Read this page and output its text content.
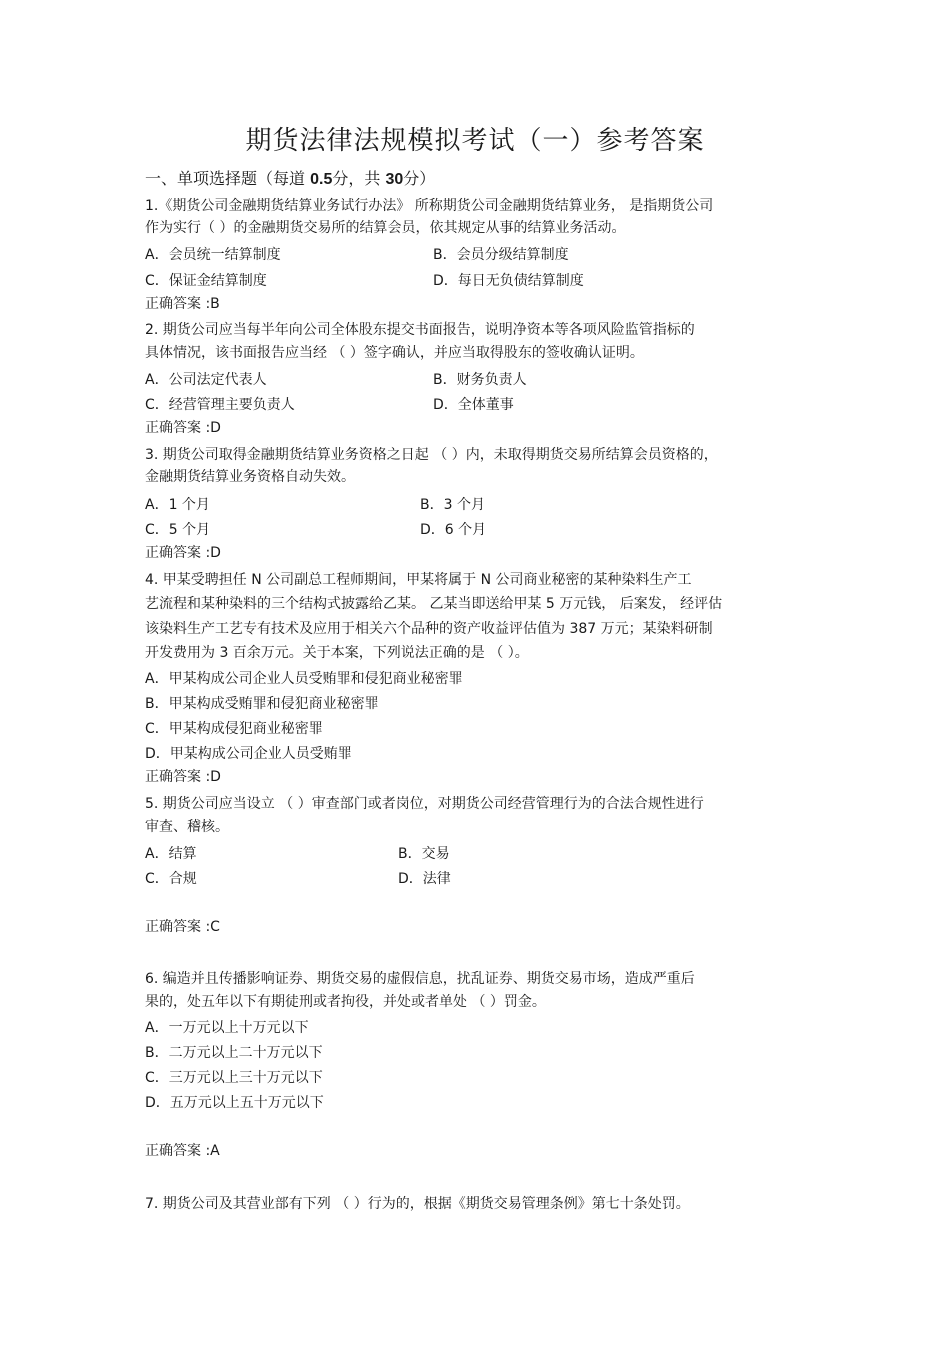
期货法律法规模拟考试（一）参考答案
一、单项选择题（每道 0.5分，共 30分）
1.《期货公司金融期货结算业务试行办法》 所称期货公司金融期货结算业务， 是指期货公司
作为实行（ ）的金融期货交易所的结算会员，依其规定从事的结算业务活动。
A．会员统一结算制度	B．会员分级结算制度
C．保证金结算制度	D．每日无负债结算制度
正确答案 :B
2. 期货公司应当每半年向公司全体股东提交书面报告，说明净资本等各项风险监管指标的
具体情况，该书面报告应当经 （ ）签字确认，并应当取得股东的签收确认证明。
A．公司法定代表人	B．财务负责人
C．经营管理主要负责人	D．全体董事
正确答案 :D
3. 期货公司取得金融期货结算业务资格之日起 （ ）内，未取得期货交易所结算会员资格的，
金融期货结算业务资格自动失效。
A．1 个月	B．3 个月
C．5 个月	D．6 个月
正确答案 :D
4. 甲某受聘担任 N 公司副总工程师期间，甲某将属于 N 公司商业秘密的某种染料生产工
艺流程和某种染料的三个结构式披露给乙某。 乙某当即送给甲某 5 万元钱， 后案发， 经评估
该染料生产工艺专有技术及应用于相关六个品种的资产收益评估值为 387 万元；某染料研制
开发费用为 3 百余万元。关于本案，下列说法正确的是 （ ）。
A．甲某构成公司企业人员受贿罪和侵犯商业秘密罪
B．甲某构成受贿罪和侵犯商业秘密罪
C．甲某构成侵犯商业秘密罪
D．甲某构成公司企业人员受贿罪
正确答案 :D
5. 期货公司应当设立 （ ）审查部门或者岗位，对期货公司经营管理行为的合法合规性进行
审查、稽核。
A．结算	B．交易
C．合规	D．法律
正确答案 :C
6. 编造并且传播影响证券、期货交易的虚假信息，扰乱证券、期货交易市场，造成严重后
果的，处五年以下有期徒刑或者拘役，并处或者单处 （ ）罚金。
A．一万元以上十万元以下
B．二万元以上二十万元以下
C．三万元以上三十万元以下
D．五万元以上五十万元以下
正确答案 :A
7. 期货公司及其营业部有下列 （ ）行为的，根据《期货交易管理条例》第七十条处罚。
